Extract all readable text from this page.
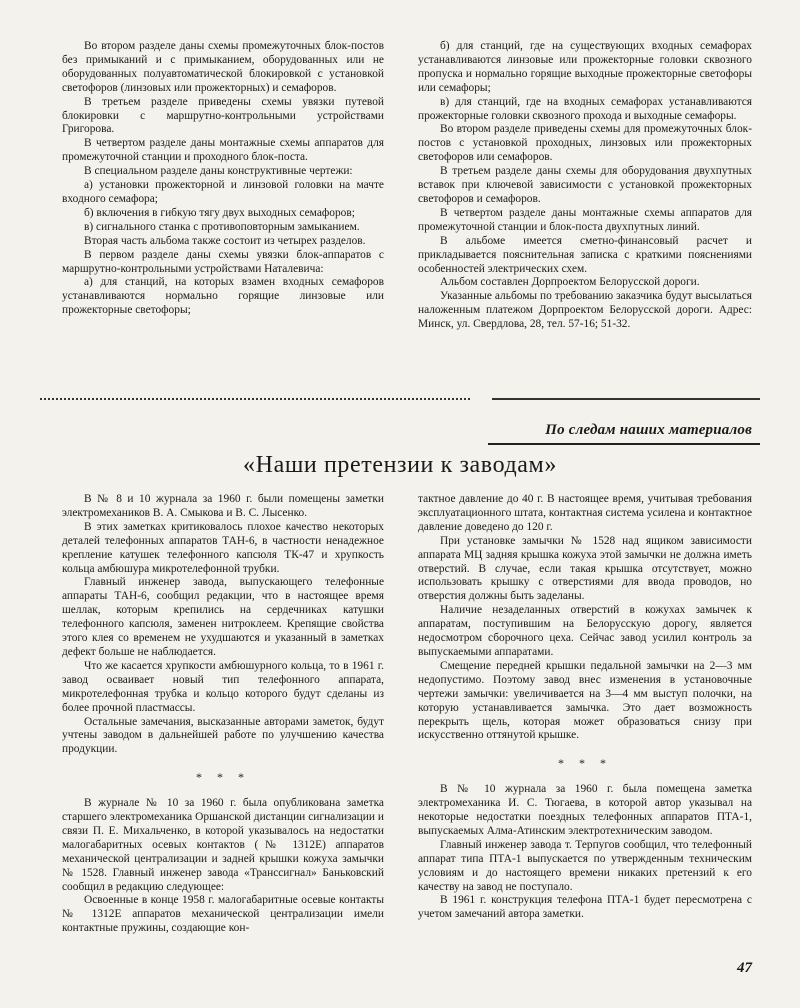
Во втором разделе даны схемы промежуточных блок-постов без примыканий и с примыканием, оборудованных или не оборудованных полуавтоматической блокировкой с установкой светофоров (линзовых или прожекторных) и семафоров.

В третьем разделе приведены схемы увязки путевой блокировки с маршрутно-контрольными устройствами Григорова.

В четвертом разделе даны монтажные схемы аппаратов для промежуточной станции и проходного блок-поста.

В специальном разделе даны конструктивные чертежи:

а) установки прожекторной и линзовой головки на мачте входного семафора;

б) включения в гибкую тягу двух выходных семафоров;

в) сигнального станка с противоповторным замыканием.

Вторая часть альбома также состоит из четырех разделов.

В первом разделе даны схемы увязки блок-аппаратов с маршрутно-контрольными устройствами Наталевича:

а) для станций, на которых взамен входных семафоров устанавливаются нормально горящие линзовые или прожекторные светофоры;

б) для станций, где на существующих входных семафорах устанавливаются линзовые или прожекторные головки сквозного пропуска и нормально горящие выходные прожекторные светофоры или семафоры;

в) для станций, где на входных семафорах устанавливаются прожекторные головки сквозного прохода и выходные семафоры.

Во втором разделе приведены схемы для промежуточных блок-постов с установкой проходных, линзовых или прожекторных светофоров или семафоров.

В третьем разделе даны схемы для оборудования двухпутных вставок при ключевой зависимости с установкой прожекторных светофоров и семафоров.

В четвертом разделе даны монтажные схемы аппаратов для промежуточной станции и блок-поста двухпутных линий.

В альбоме имеется сметно-финансовый расчет и прикладывается пояснительная записка с краткими пояснениями особенностей электрических схем.

Альбом составлен Дорпроектом Белорусской дороги.

Указанные альбомы по требованию заказчика будут высылаться наложенным платежом Дорпроектом Белорусской дороги. Адрес: Минск, ул. Свердлова, 28, тел. 57-16; 51-32.

По следам наших материалов
«Наши претензии к заводам»

В № 8 и 10 журнала за 1960 г. были помещены заметки электромехаников В. А. Смыкова и В. С. Лысенко.

В этих заметках критиковалось плохое качество некоторых деталей телефонных аппаратов ТАН-6, в частности ненадежное крепление катушек телефонного капсюля ТК-47 и хрупкость кольца амбюшура микротелефонной трубки.

Главный инженер завода, выпускающего телефонные аппараты ТАН-6, сообщил редакции, что в настоящее время шеллак, которым крепились на сердечниках катушки телефонного капсюля, заменен нитроклеем. Крепящие свойства этого клея со временем не ухудшаются и указанный в заметках дефект больше не наблюдается.

Что же касается хрупкости амбюшурного кольца, то в 1961 г. завод осваивает новый тип телефонного аппарата, микротелефонная трубка и кольцо которого будут сделаны из более прочной пластмассы.

Остальные замечания, высказанные авторами заметок, будут учтены заводом в дальнейшей работе по улучшению качества продукции.

* * *

В журнале № 10 за 1960 г. была опубликована заметка старшего электромеханика Оршанской дистанции сигнализации и связи П. Е. Михальченко, в которой указывалось на недостатки малогабаритных осевых контактов (№ 1312Е) аппаратов механической централизации и задней крышки кожуха замычки № 1528. Главный инженер завода «Транссигнал» Баньковский сообщил в редакцию следующее:

Освоенные в конце 1958 г. малогабаритные осевые контакты № 1312Е аппаратов механической централизации имели контактные пружины, создающие кон-

тактное давление до 40 г. В настоящее время, учитывая требования эксплуатационного штата, контактная система усилена и контактное давление доведено до 120 г.

При установке замычки № 1528 над ящиком зависимости аппарата МЦ задняя крышка кожуха этой замычки не должна иметь отверстий. В случае, если такая крышка отсутствует, можно использовать крышку с отверстиями для ввода проводов, но отверстия должны быть заделаны.

Наличие незаделанных отверстий в кожухах замычек к аппаратам, поступившим на Белорусскую дорогу, является недосмотром сборочного цеха. Сейчас завод усилил контроль за выпускаемыми аппаратами.

Смещение передней крышки педальной замычки на 2—3 мм недопустимо. Поэтому завод внес изменения в установочные чертежи замычки: увеличивается на 3—4 мм выступ полочки, на которую устанавливается замычка. Это дает возможность перекрыть щель, которая может образоваться снизу при искусственно оттянутой крышке.

* * *

В № 10 журнала за 1960 г. была помещена заметка электромеханика И. С. Тюгаева, в которой автор указывал на некоторые недостатки поездных телефонных аппаратов ПТА-1, выпускаемых Алма-Атинским электротехническим заводом.

Главный инженер завода т. Терпугов сообщил, что телефонный аппарат типа ПТА-1 выпускается по утвержденным техническим условиям и до настоящего времени никаких претензий к его качеству на завод не поступало.

В 1961 г. конструкция телефона ПТА-1 будет пересмотрена с учетом замечаний автора заметки.

47
